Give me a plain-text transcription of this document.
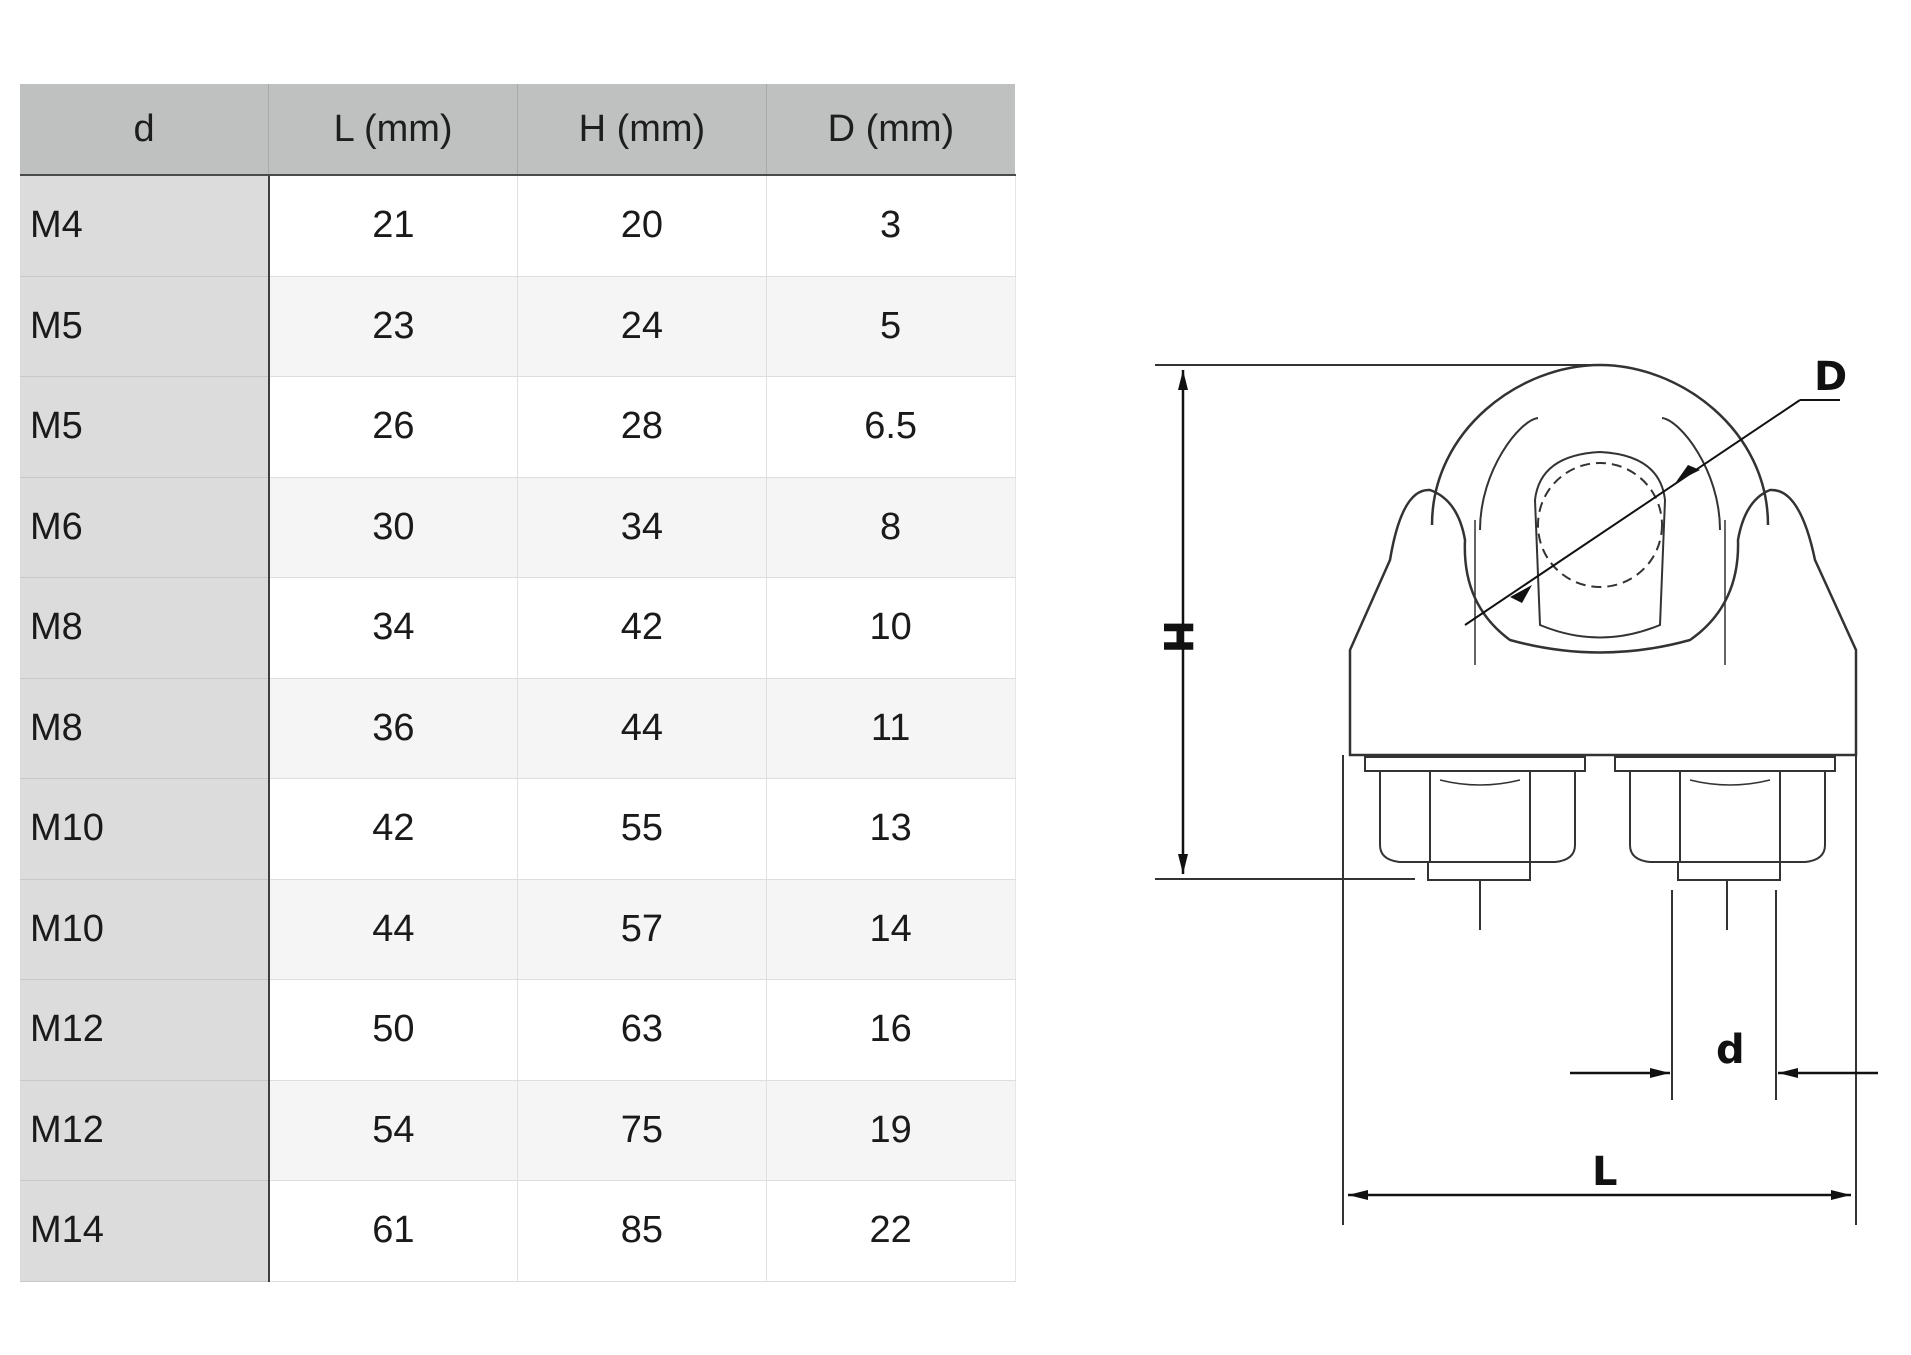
d	L (mm)	H (mm)	D (mm)
M4	21	20	3
M5	23	24	5
M5	26	28	6.5
M6	30	34	8
M8	34	42	10
M8	36	44	11
M10	42	55	13
M10	44	57	14
M12	50	63	16
M12	54	75	19
M14	61	85	22
D
H
d
L
